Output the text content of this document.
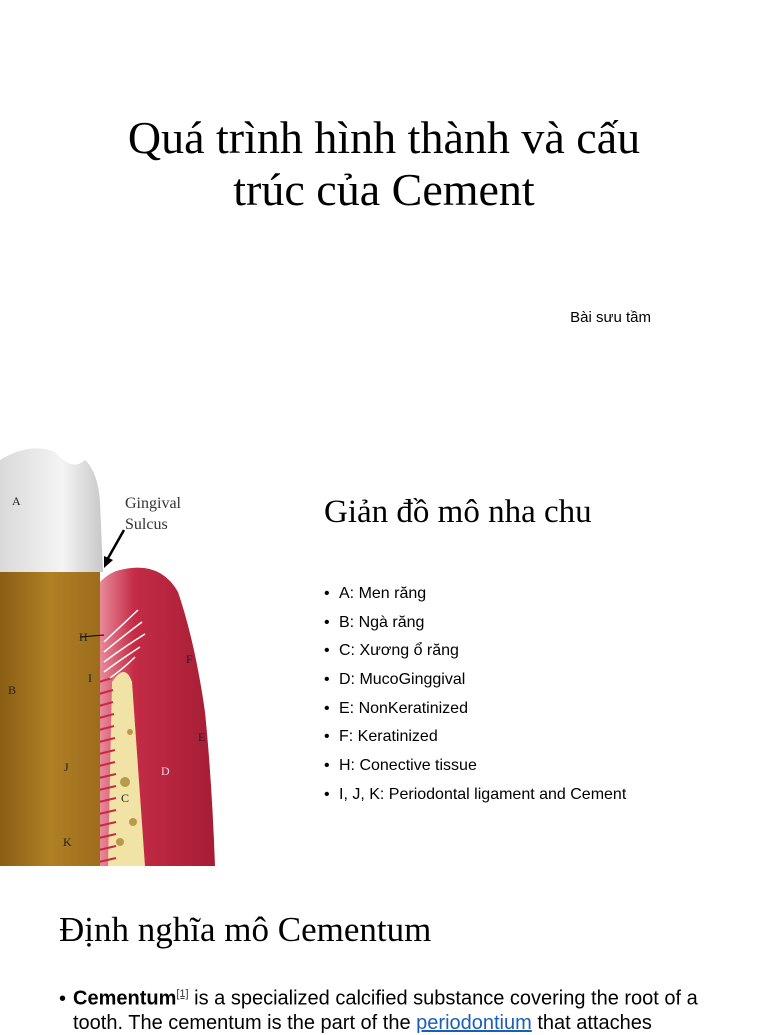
Quá trình hình thành và cấu
trúc của Cement
Bài sưu tầm
Gingival
Sulcus
A
B
C
D
E
F
H
I
J
K
Giản đồ mô nha chu
• A: Men răng
• B: Ngà răng
• C: Xương ổ răng
• D: MucoGinggival
• E: NonKeratinized
• F: Keratinized
• H: Conective tissue
• I, J, K: Periodontal ligament and Cement
Định nghĩa mô Cementum
• Cementum[1] is a specialized calcified substance covering the root of a
tooth. The cementum is the part of the periodontium that attaches
